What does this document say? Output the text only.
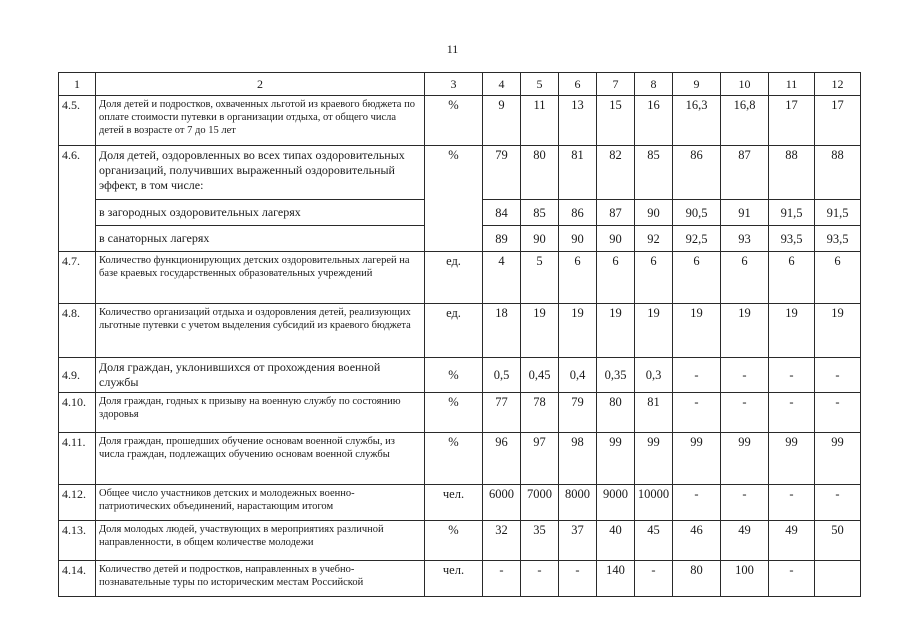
11
1	2	3	4	5	6	7	8	9	10	11	12
4.5.	Доля детей и подростков, охваченных льготой из краевого бюджета по оплате стоимости путевки в организации отдыха, от общего числа детей в возрасте от 7 до 15 лет	%	9	11	13	15	16	16,3	16,8	17	17
4.6.	Доля детей, оздоровленных во всех типах оздоровительных организаций, получивших выраженный оздоровительный эффект, в том числе:	%	79	80	81	82	85	86	87	88	88
	в загородных оздоровительных лагерях		84	85	86	87	90	90,5	91	91,5	91,5
	в санаторных лагерях		89	90	90	90	92	92,5	93	93,5	93,5
4.7.	Количество функционирующих детских оздоровительных лагерей на базе краевых государственных образовательных учреждений	ед.	4	5	6	6	6	6	6	6	6
4.8.	Количество организаций отдыха и оздоровления детей, реализующих льготные путевки с учетом выделения субсидий из краевого бюджета	ед.	18	19	19	19	19	19	19	19	19
4.9.	Доля граждан, уклонившихся от прохождения военной службы	%	0,5	0,45	0,4	0,35	0,3	-	-	-	-
4.10.	Доля граждан, годных к призыву на военную службу по состоянию здоровья	%	77	78	79	80	81	-	-	-	-
4.11.	Доля граждан, прошедших обучение основам военной службы, из числа граждан, подлежащих обучению основам военной службы	%	96	97	98	99	99	99	99	99	99
4.12.	Общее число участников детских и молодежных военно-патриотических объединений, нарастающим итогом	чел.	6000	7000	8000	9000	10000	-	-	-	-
4.13.	Доля молодых людей, участвующих в мероприятиях различной направленности, в общем количестве молодежи	%	32	35	37	40	45	46	49	49	50
4.14.	Количество детей и подростков, направленных в учебно-познавательные туры по историческим местам Российской	чел.	-	-	-	140	-	80	100	-	
